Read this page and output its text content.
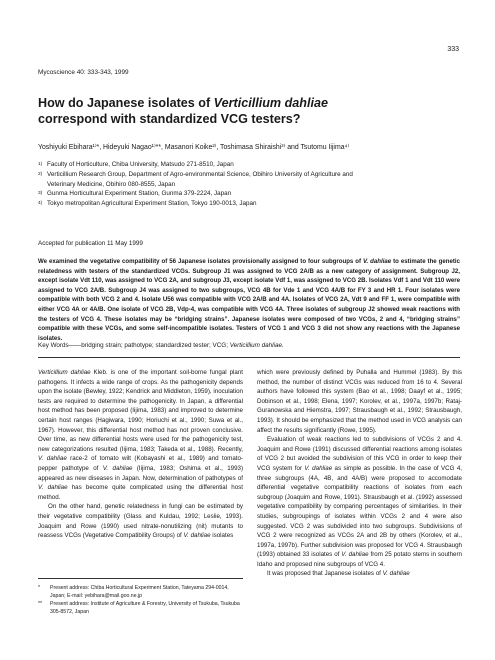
333
Mycoscience 40: 333-343, 1999
How do Japanese isolates of Verticillium dahliae
correspond with standardized VCG testers?
Yoshiyuki Ebihara¹⁾*, Hideyuki Nagao¹⁾**, Masanori Koike²⁾, Toshimasa Shiraishi³⁾ and Tsutomu Iijima⁴⁾
1) Faculty of Horticulture, Chiba University, Matsudo 271-8510, Japan
2) Verticillium Research Group, Department of Agro-environmental Science, Obihiro University of Agriculture and
Veterinary Medicine, Obihiro 080-8555, Japan
3) Gunma Horticultural Experiment Station, Gunma 379-2224, Japan
4) Tokyo metropolitan Agricultural Experiment Station, Tokyo 190-0013, Japan
Accepted for publication 11 May 1999

We examined the vegetative compatibility of 56 Japanese isolates provisionally assigned to four subgroups of V. dahliae to estimate the genetic relatedness with testers of the standardized VCGs. Subgroup J1 was assigned to VCG 2A/B as a new category of assignment. Subgroup J2, except isolate Vdt 110, was assigned to VCG 2A, and subgroup J3, except isolate Vdf 1, was assigned to VCG 2B. Isolates Vdf 1 and Vdt 110 were assigned to VCG 2A/B. Subgroup J4 was assigned to two subgroups, VCG 4B for Vde 1 and VCG 4A/B for FY 3 and HR 1. Four isolates were compatible with both VCG 2 and 4. Isolate U56 was compatible with VCG 2A/B and 4A. Isolates of VCG 2A, Vdt 9 and FF 1, were compatible with either VCG 4A or 4A/B. One isolate of VCG 2B, Vdp-4, was compatible with VCG 4A. Three isolates of subgroup J2 showed weak reactions with the testers of VCG 4. These isolates may be “bridging strains”. Japanese isolates were composed of two VCGs, 2 and 4, “bridging strains” compatible with these VCGs, and some self-incompatible isolates. Testers of VCG 1 and VCG 3 did not show any reactions with the Japanese isolates.

Key Words——bridging strain; pathotype; standardized tester; VCG; Verticillium dahliae.

Verticillium dahliae Kleb. is one of the important soil-borne fungal plant pathogens. It infects a wide range of crops. As the pathogenicity depends upon the isolate (Bewley, 1922; Kendrick and Middleton, 1959), inoculation tests are required to determine the pathogenicity. In Japan, a differential host method has been proposed (Iijima, 1983) and improved to determine certain host ranges (Hagiwara, 1990; Horiuchi et al., 1990; Suwa et al., 1967). However, this differential host method has not proven conclusive. Over time, as new differential hosts were used for the pathogenicity test, new categorizations resulted (Iijima, 1983; Takeda et al., 1988). Recently, V. dahliae race-2 of tomato wilt (Kobayashi et al., 1989) and tomato-pepper pathotype of V. dahliae (Iijima, 1983; Oshima et al., 1993) appeared as new diseases in Japan. Now, determination of pathotypes of V. dahliae has become quite complicated using the differential host method.

On the other hand, genetic relatedness in fungi can be estimated by their vegetative compatibility (Glass and Kuldau, 1992; Leslie, 1993). Joaquim and Rowe (1990) used nitrate-nonutilizing (nit) mutants to reassess VCGs (Vegetative Compatibility Groups) of V. dahliae isolates

which were previously defined by Puhalla and Hummel (1983). By this method, the number of distinct VCGs was reduced from 16 to 4. Several authors have followed this system (Bao et al., 1998; Daayf et al., 1995; Dobinson et al., 1998; Elena, 1997; Korolev, et al., 1997a, 1997b; Rataj-Guranowska and Hiemstra, 1997; Strausbaugh et al., 1992; Strausbaugh, 1993). It should be emphasized that the method used in VCG analysis can affect the results significantly (Rowe, 1995).

Evaluation of weak reactions led to subdivisions of VCGs 2 and 4. Joaquim and Rowe (1991) discussed differential reactions among isolates of VCG 2 but avoided the subdivision of this VCG in order to keep their VCG system for V. dahliae as simple as possible. In the case of VCG 4, three subgroups (4A, 4B, and 4A/B) were proposed to accomodate differential vegetative compatibility reactions of isolates from each subgroup (Joaquim and Rowe, 1991). Strausbaugh et al. (1992) assessed vegetative compatibility by comparing percentages of similarities. In their studies, subgroupings of isolates within VCGs 2 and 4 were also suggested. VCG 2 was subdivided into two subgroups. Subdivisions of VCG 2 were recognized as VCGs 2A and 2B by others (Korolev, et al., 1997a, 1997b). Further subdivision was proposed for VCG 4. Strausbaugh (1993) obtained 33 isolates of V. dahliae from 25 potato stems in southern Idaho and proposed nine subgroups of VCG 4.

It was proposed that Japanese isolates of V. dahliae

*	Present address: Chiba Horticultural Experiment Station, Tateyama 294-0014, Japan; E-mail: yebihara@mail.goo.ne.jp
**	Present address: Institute of Agriculture & Forestry, University of Tsukuba, Tsukuba 305-8572, Japan
